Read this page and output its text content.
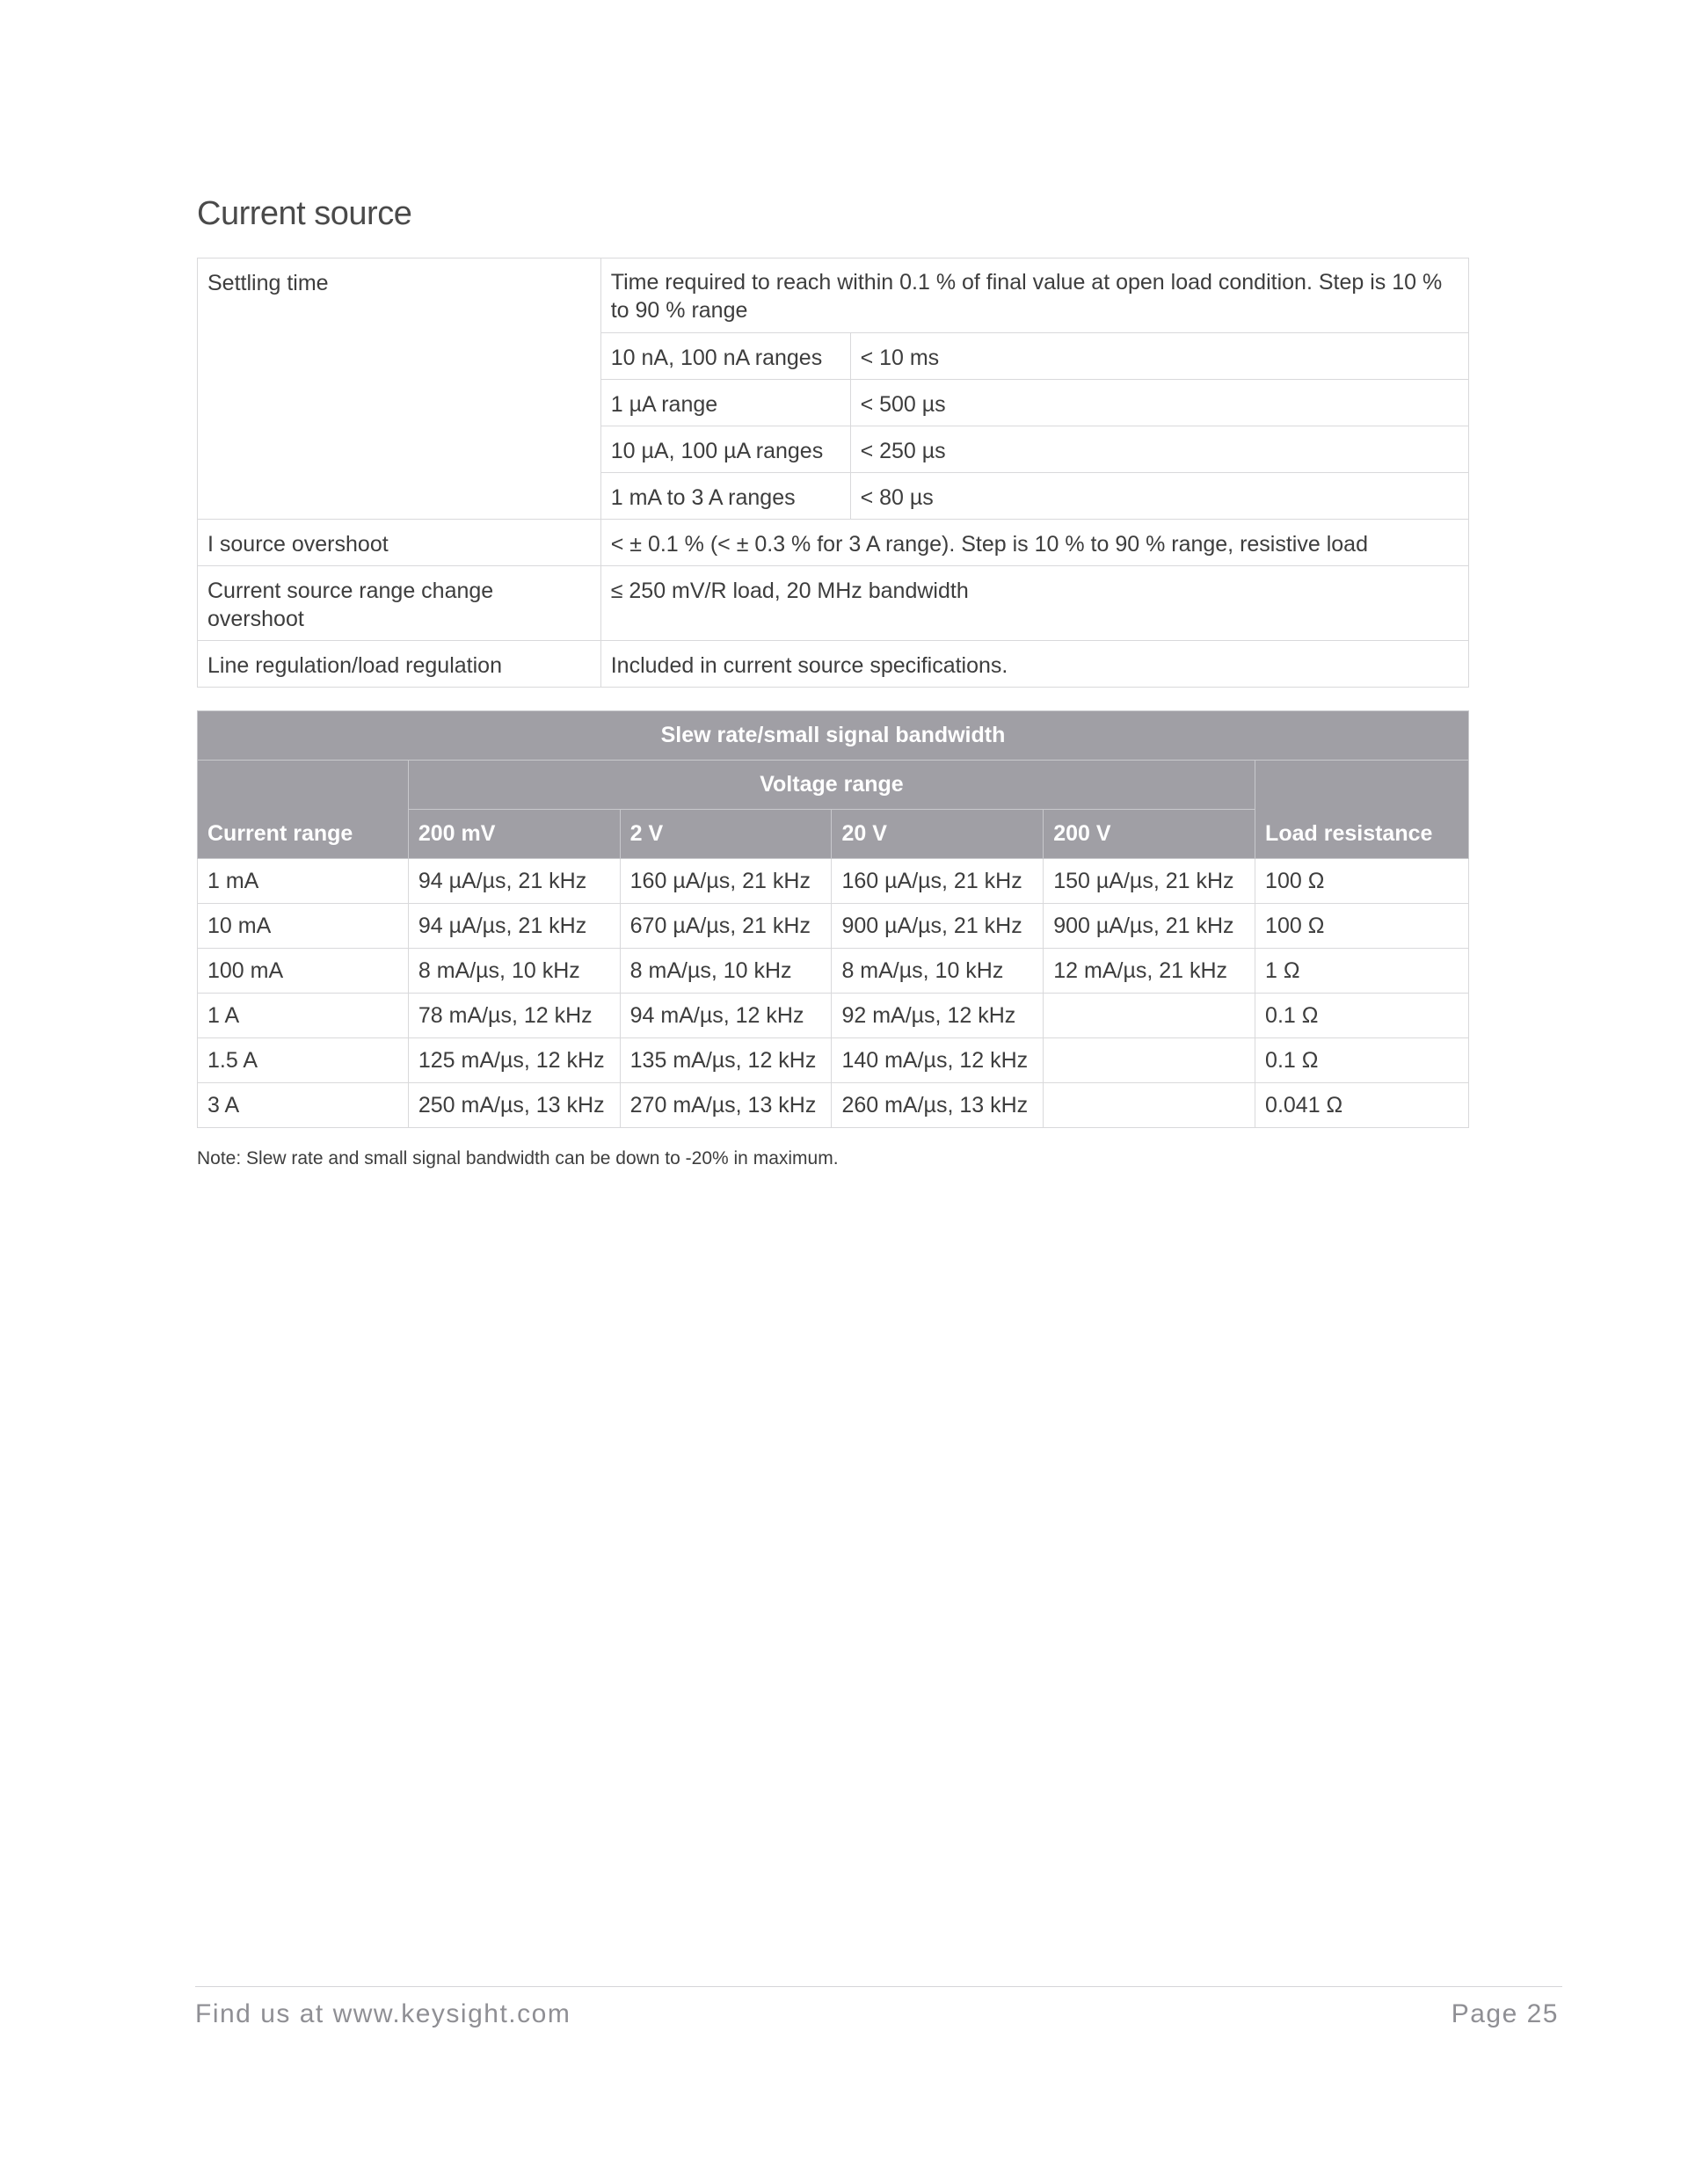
Current source
Settling time	Time required to reach within 0.1 % of final value at open load condition. Step is 10 % to 90 % range	
	10 nA, 100 nA ranges	< 10 ms
	1 µA range	< 500 µs
	10 µA, 100 µA ranges	< 250 µs
	1 mA to 3 A ranges	< 80 µs
I source overshoot	< ± 0.1 % (< ± 0.3 % for 3 A range). Step is 10 % to 90 % range, resistive load	
Current source range change overshoot	≤ 250 mV/R load, 20 MHz bandwidth	
Line regulation/load regulation	Included in current source specifications.	
Slew rate/small signal bandwidth					
Current range	Voltage range				Load resistance
	200 mV	2 V	20 V	200 V	
1 mA	94 µA/µs, 21 kHz	160 µA/µs, 21 kHz	160 µA/µs, 21 kHz	150 µA/µs, 21 kHz	100 Ω
10 mA	94 µA/µs, 21 kHz	670 µA/µs, 21 kHz	900 µA/µs, 21 kHz	900 µA/µs, 21 kHz	100 Ω
100 mA	8 mA/µs, 10 kHz	8 mA/µs, 10 kHz	8 mA/µs, 10 kHz	12 mA/µs, 21 kHz	1 Ω
1 A	78 mA/µs, 12 kHz	94 mA/µs, 12 kHz	92 mA/µs, 12 kHz		0.1 Ω
1.5 A	125 mA/µs, 12 kHz	135 mA/µs, 12 kHz	140 mA/µs, 12 kHz		0.1 Ω
3 A	250 mA/µs, 13 kHz	270 mA/µs, 13 kHz	260 mA/µs, 13 kHz		0.041 Ω
Note: Slew rate and small signal bandwidth can be down to -20% in maximum.
Find us at www.keysight.com	Page 25
